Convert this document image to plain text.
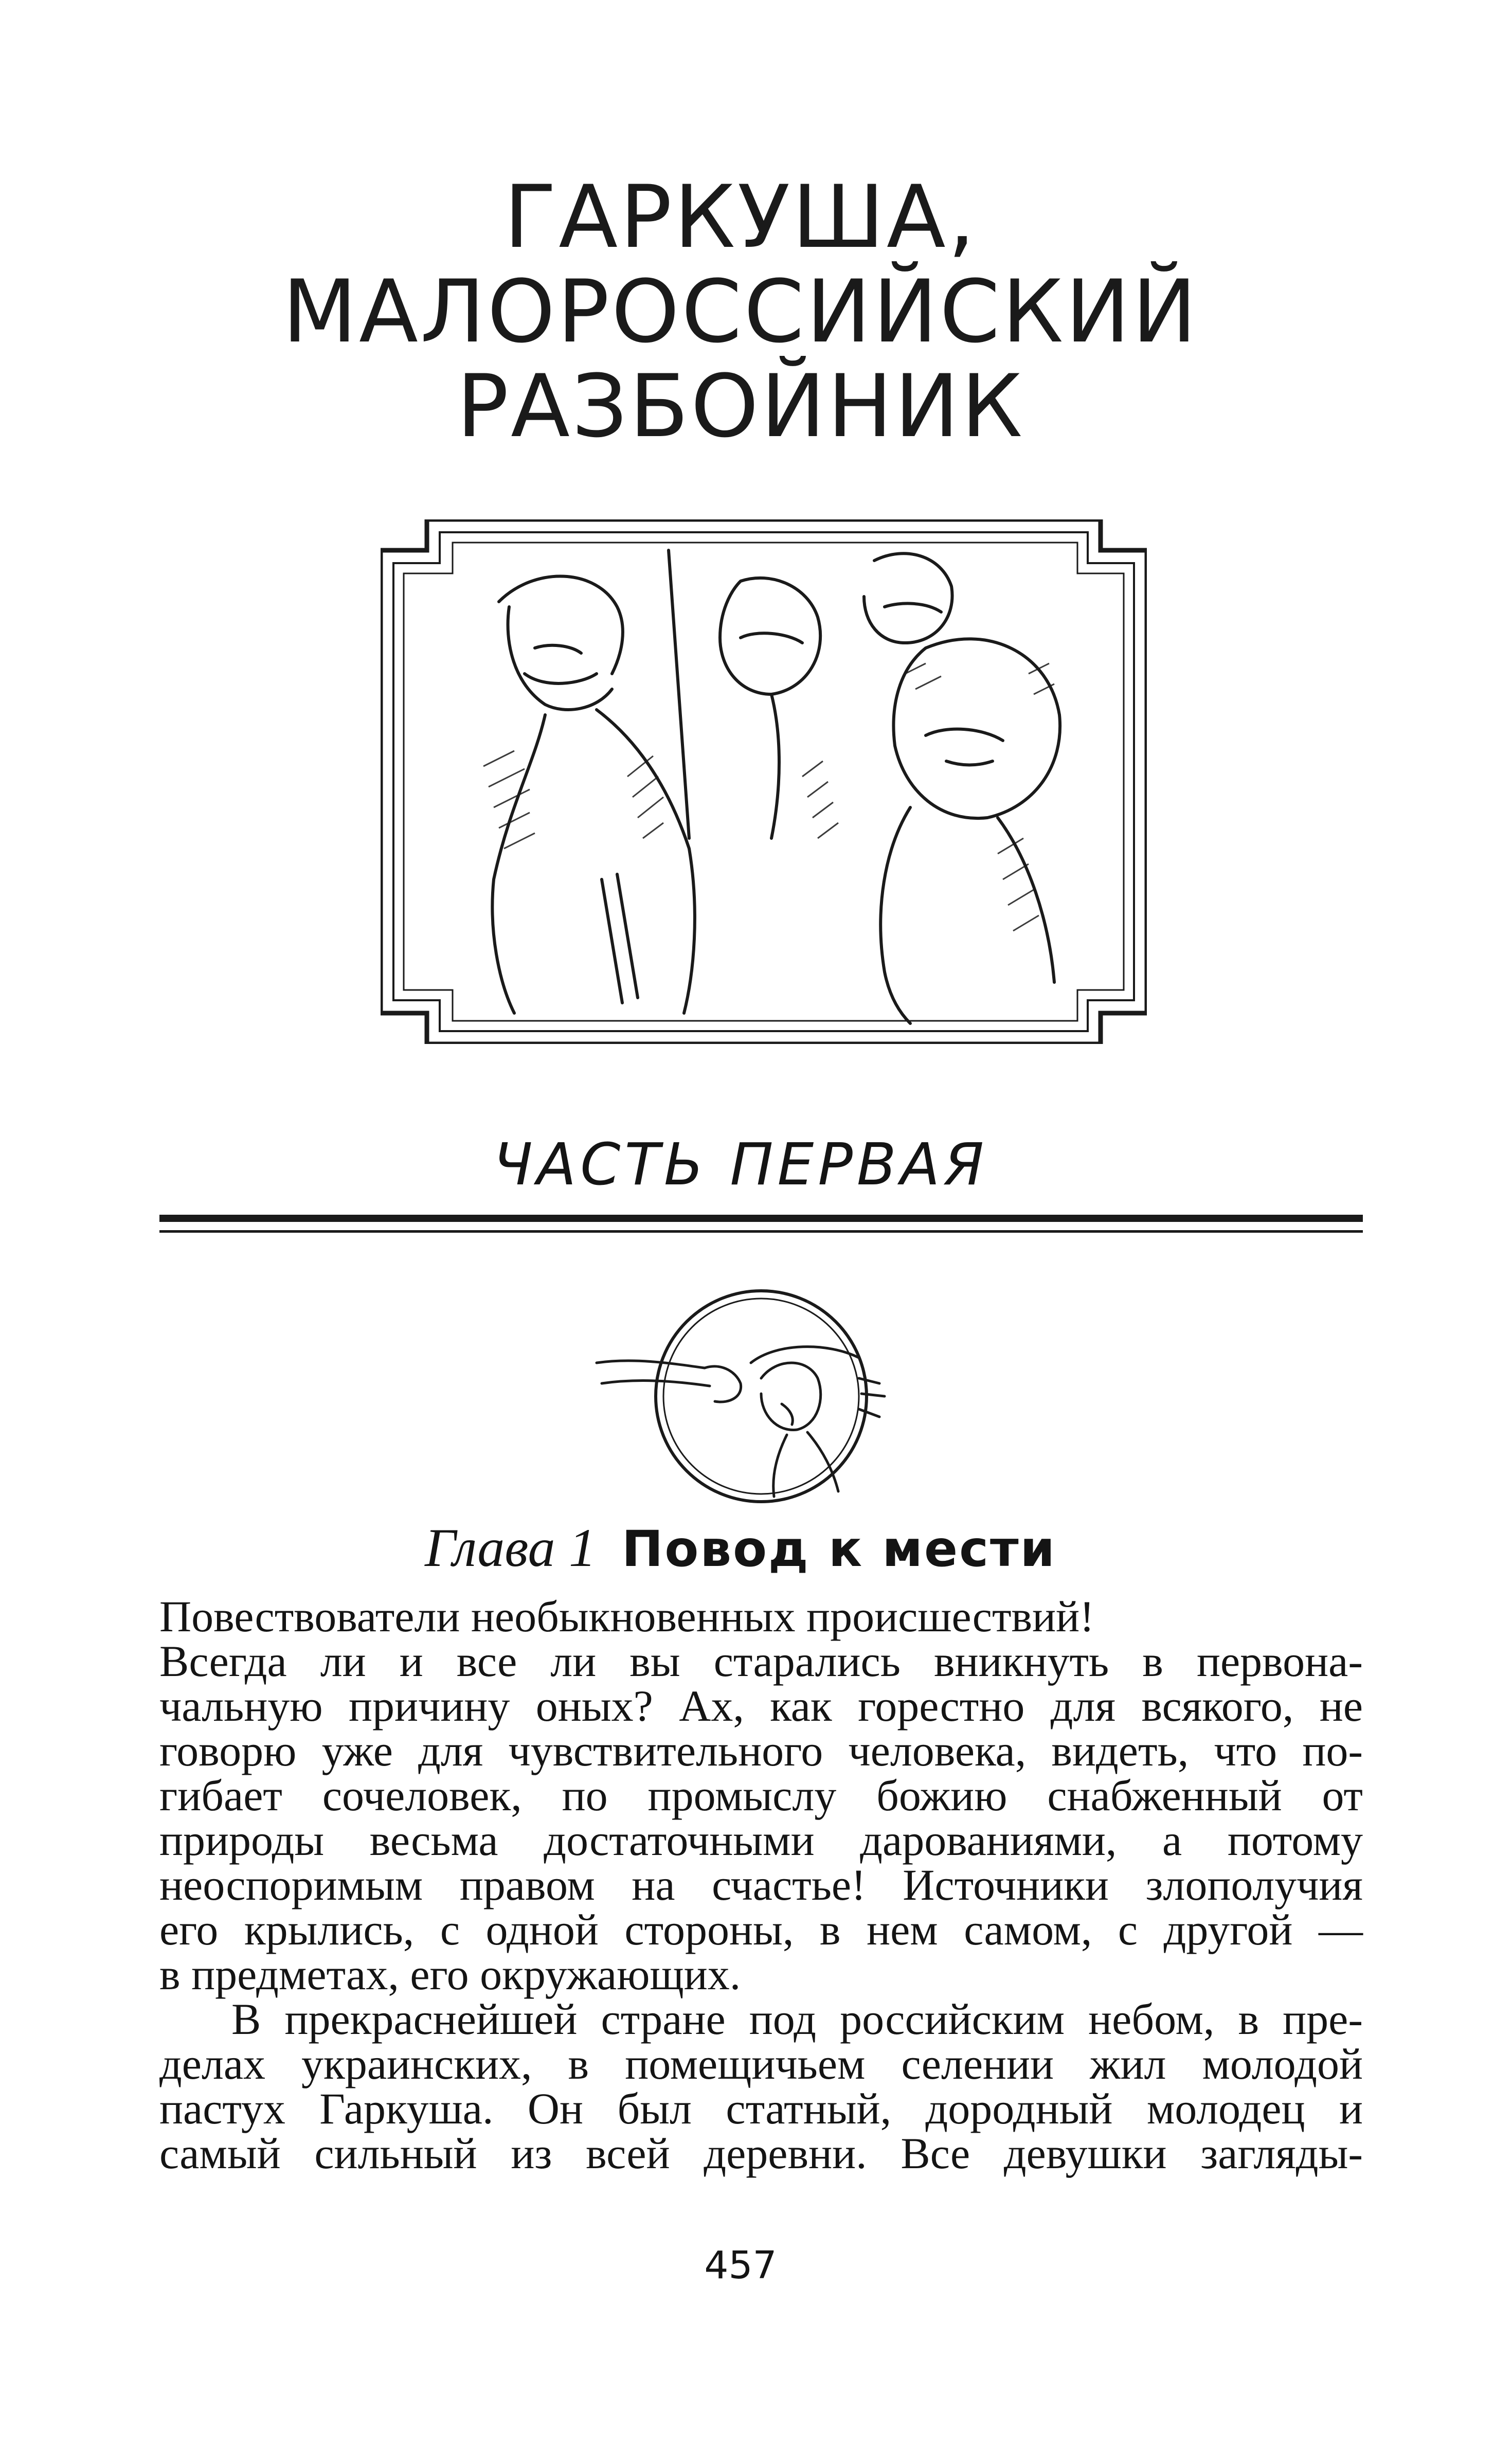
ГАРКУША,
МАЛОРОССИЙСКИЙ
РАЗБОЙНИК
ЧАСТЬ ПЕРВАЯ
Глава 1 Повод к мести
Повествователи необыкновенных происшествий!
Всегда ли и все ли вы старались вникнуть в первона-
чальную причину оных? Ах, как горестно для всякого, не
говорю уже для чувствительного человека, видеть, что по-
гибает сочеловек, по промыслу божию снабженный от
природы весьма достаточными дарованиями, а потому
неоспоримым правом на счастье! Источники злополучия
его крылись, с одной стороны, в нем самом, с другой —
в предметах, его окружающих.
В прекраснейшей стране под российским небом, в пре-
делах украинских, в помещичьем селении жил молодой
пастух Гаркуша. Он был статный, дородный молодец и
самый сильный из всей деревни. Все девушки загляды-
457
